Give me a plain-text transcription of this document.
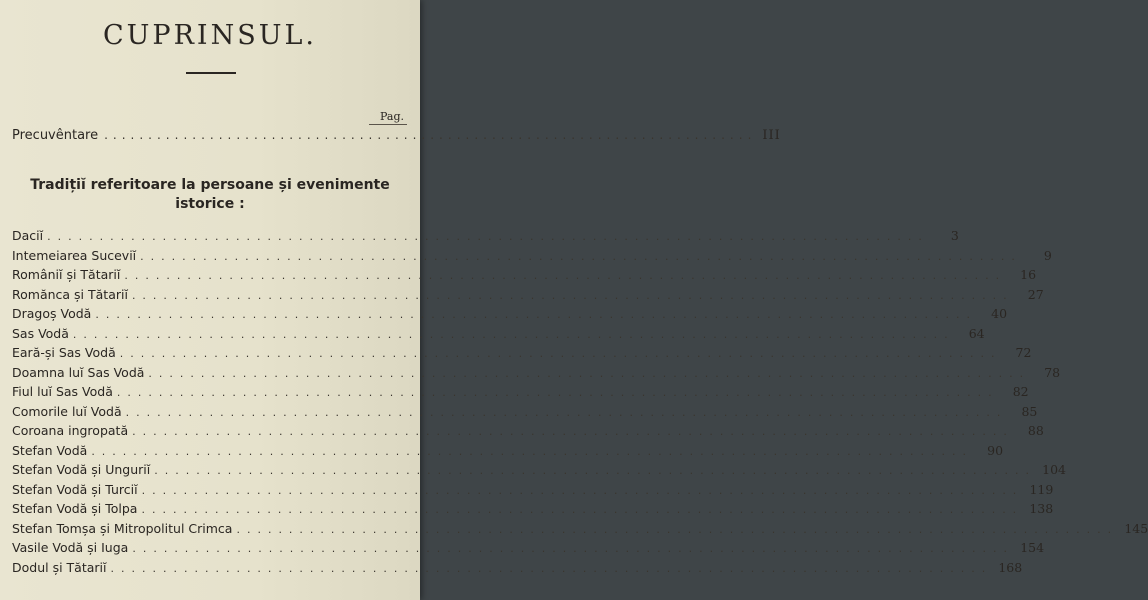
CUPRINSUL.
Pag.
Precuvêntare .......................................................................... III
Tradițiĭ referitoare la persoane și evenimente
istorice :
Daciĭ ....................................................................................	3
Intemeiarea Suceviĭ ....................................................................................	9
Româniĭ și Tătariĭ ....................................................................................	16
Romănca și Tătariĭ ....................................................................................	27
Dragoș Vodă ....................................................................................	40
Sas Vodă ....................................................................................	64
Eară-și Sas Vodă ....................................................................................	72
Doamna luĭ Sas Vodă ....................................................................................	78
Fiul luĭ Sas Vodă ....................................................................................	82
Comorile luĭ Vodă ....................................................................................	85
Coroana ingropată ....................................................................................	88
Stefan Vodă ....................................................................................	90
Stefan Vodă și Unguriĭ .................................................................................... 104
Stefan Vodă și Turciĭ .................................................................................... 119
Stefan Vodă și Tolpa .................................................................................... 138
Stefan Tomșa și Mitropolitul Crimca .................................................................................... 145
Vasile Vodă și Iuga .................................................................................... 154
Dodul și Tătariĭ .................................................................................... 168
